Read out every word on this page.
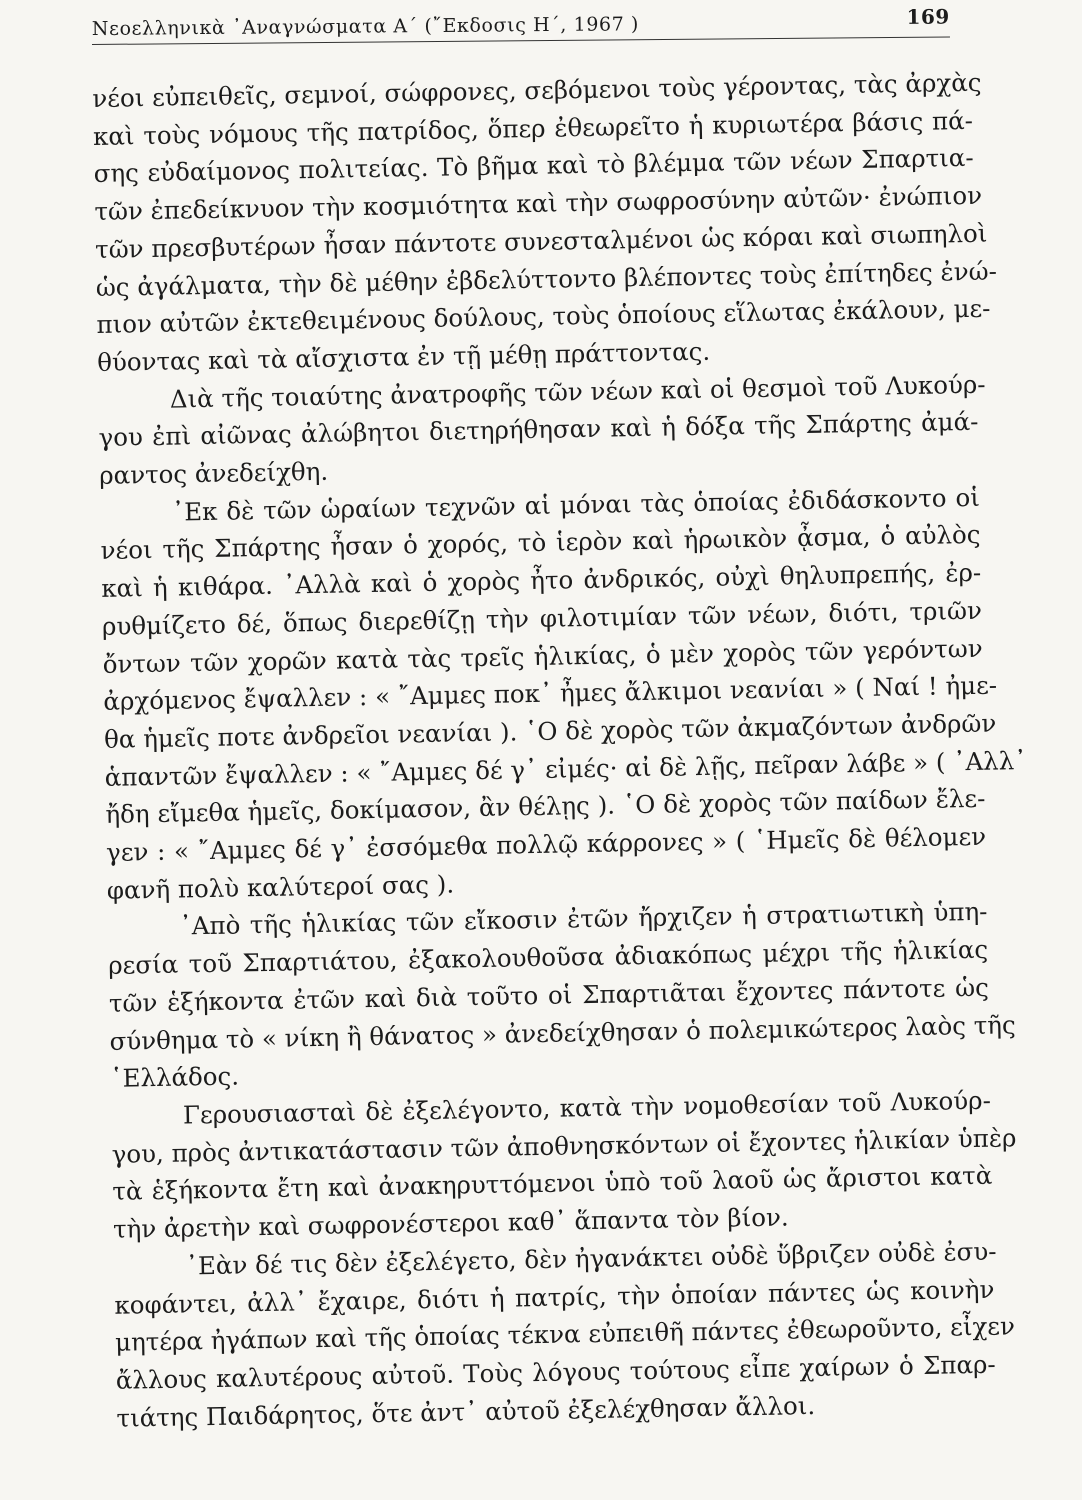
Νεοελληνικὰ ᾿Αναγνώσματα Α΄ (῎Εκδοσις Η΄, 1967 )	169
νέοι εὐπειθεῖς, σεμνοί, σώφρονες, σεβόμενοι τοὺς γέροντας, τὰς ἀρχὰς
καὶ τοὺς νόμους τῆς πατρίδος, ὅπερ ἐθεωρεῖτο ἡ κυριωτέρα βάσις πά-
σης εὐδαίμονος πολιτείας. Τὸ βῆμα καὶ τὸ βλέμμα τῶν νέων Σπαρτια-
τῶν ἐπεδείκνυον τὴν κοσμιότητα καὶ τὴν σωφροσύνην αὐτῶν· ἐνώπιον
τῶν πρεσβυτέρων ἦσαν πάντοτε συνεσταλμένοι ὡς κόραι καὶ σιωπηλοὶ
ὡς ἀγάλματα, τὴν δὲ μέθην ἐβδελύττοντο βλέποντες τοὺς ἐπίτηδες ἐνώ-
πιον αὐτῶν ἐκτεθειμένους δούλους, τοὺς ὁποίους εἵλωτας ἐκάλουν, με-
θύοντας καὶ τὰ αἴσχιστα ἐν τῇ μέθῃ πράττοντας.
Διὰ τῆς τοιαύτης ἀνατροφῆς τῶν νέων καὶ οἱ θεσμοὶ τοῦ Λυκούρ-
γου ἐπὶ αἰῶνας ἀλώβητοι διετηρήθησαν καὶ ἡ δόξα τῆς Σπάρτης ἀμά-
ραντος ἀνεδείχθη.
᾿Εκ δὲ τῶν ὡραίων τεχνῶν αἱ μόναι τὰς ὁποίας ἐδιδάσκοντο οἱ
νέοι τῆς Σπάρτης ἦσαν ὁ χορός, τὸ ἱερὸν καὶ ἡρωικὸν ᾆσμα, ὁ αὐλὸς
καὶ ἡ κιθάρα. ᾿Αλλὰ καὶ ὁ χορὸς ἦτο ἀνδρικός, οὐχὶ θηλυπρεπής, ἐρ-
ρυθμίζετο δέ, ὅπως διερεθίζῃ τὴν φιλοτιμίαν τῶν νέων, διότι, τριῶν
ὄντων τῶν χορῶν κατὰ τὰς τρεῖς ἡλικίας, ὁ μὲν χορὸς τῶν γερόντων
ἀρχόμενος ἔψαλλεν : « ῎Αμμες ποκ᾿ ἦμες ἄλκιμοι νεανίαι » ( Ναί ! ἠμε-
θα ἡμεῖς ποτε ἀνδρεῖοι νεανίαι ). ῾Ο δὲ χορὸς τῶν ἀκμαζόντων ἀνδρῶν
ἁπαντῶν ἔψαλλεν : « ῎Αμμες δέ γ᾿ εἰμές· αἰ δὲ λῇς, πεῖραν λάβε » ( ᾿Αλλ᾿
ἤδη εἴμεθα ἡμεῖς, δοκίμασον, ἂν θέλῃς ). ῾Ο δὲ χορὸς τῶν παίδων ἔλε-
γεν : « ῎Αμμες δέ γ᾿ ἐσσόμεθα πολλῷ κάρρονες » ( ῾Ημεῖς δὲ θέλομεν
φανῆ πολὺ καλύτεροί σας ).
᾿Απὸ τῆς ἡλικίας τῶν εἴκοσιν ἐτῶν ἤρχιζεν ἡ στρατιωτικὴ ὑπη-
ρεσία τοῦ Σπαρτιάτου, ἐξακολουθοῦσα ἀδιακόπως μέχρι τῆς ἡλικίας
τῶν ἑξήκοντα ἐτῶν καὶ διὰ τοῦτο οἱ Σπαρτιᾶται ἔχοντες πάντοτε ὡς
σύνθημα τὸ « νίκη ἢ θάνατος » ἀνεδείχθησαν ὁ πολεμικώτερος λαὸς τῆς
῾Ελλάδος.
Γερουσιασταὶ δὲ ἐξελέγοντο, κατὰ τὴν νομοθεσίαν τοῦ Λυκούρ-
γου, πρὸς ἀντικατάστασιν τῶν ἀποθνησκόντων οἱ ἔχοντες ἡλικίαν ὑπὲρ
τὰ ἑξήκοντα ἔτη καὶ ἀνακηρυττόμενοι ὑπὸ τοῦ λαοῦ ὡς ἄριστοι κατὰ
τὴν ἀρετὴν καὶ σωφρονέστεροι καθ᾿ ἅπαντα τὸν βίον.
᾿Εὰν δέ τις δὲν ἐξελέγετο, δὲν ἠγανάκτει οὐδὲ ὕβριζεν οὐδὲ ἐσυ-
κοφάντει, ἀλλ᾿ ἔχαιρε, διότι ἡ πατρίς, τὴν ὁποίαν πάντες ὡς κοινὴν
μητέρα ἠγάπων καὶ τῆς ὁποίας τέκνα εὐπειθῆ πάντες ἐθεωροῦντο, εἶχεν
ἄλλους καλυτέρους αὐτοῦ. Τοὺς λόγους τούτους εἶπε χαίρων ὁ Σπαρ-
τιάτης Παιδάρητος, ὅτε ἀντ᾿ αὐτοῦ ἐξελέχθησαν ἄλλοι.
